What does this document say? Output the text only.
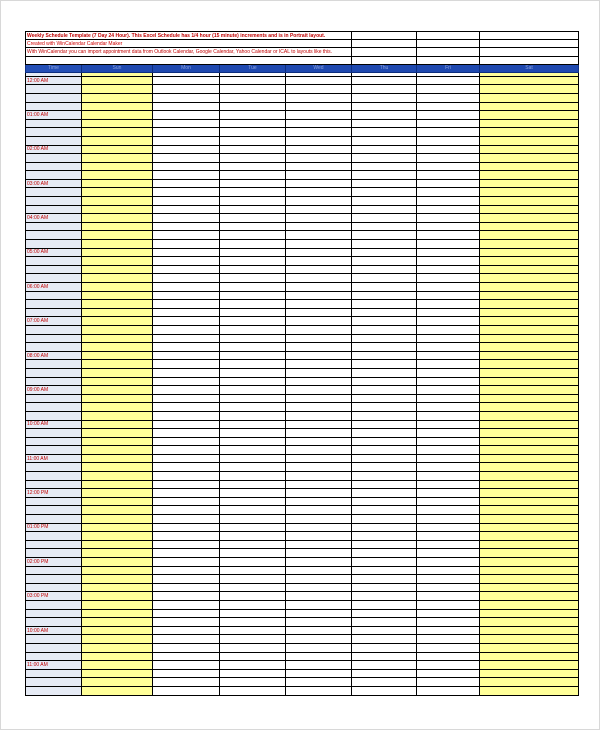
Weekly Schedule Template (7 Day 24 Hour). This Excel Schedule has 1/4 hour (15 minute) increments and is in Portrait layout.							
Created with WinCalendar Calendar Maker							
With WinCalendar you can import appointment data from Outlook Calendar, Google Calendar, Yahoo Calendar or ICAL to layouts like this.							

Time	Sun	Mon	Tue	Wed	Thu	Fri	Sat

12:00 AM							

01:00 AM							

02:00 AM							

03:00 AM							

04:00 AM							

05:00 AM							

06:00 AM							

07:00 AM							

08:00 AM							

09:00 AM							

10:00 AM							

11:00 AM							

12:00 PM							

01:00 PM							

02:00 PM							

03:00 PM							

10:00 AM							

11:00 AM							
